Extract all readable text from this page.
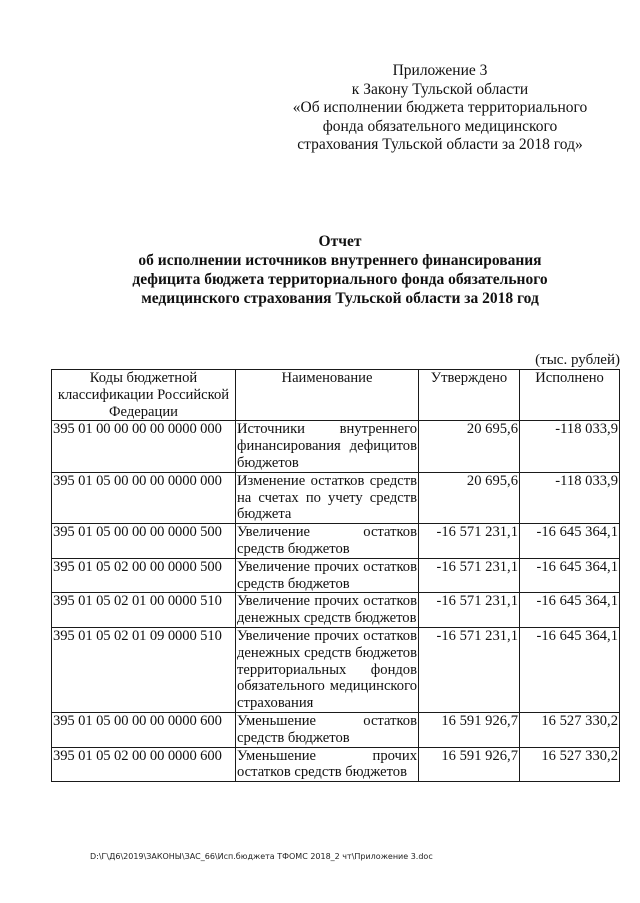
Приложение 3
к Закону Тульской области
«Об исполнении бюджета территориального
фонда обязательного медицинского
страхования Тульской области за 2018 год»
Отчет
об исполнении источников внутреннего финансирования
дефицита бюджета территориального фонда обязательного
медицинского страхования Тульской области за 2018 год
(тыс. рублей)
Коды бюджетной классификации Российской Федерации	Наименование	Утверждено	Исполнено
395 01 00 00 00 00 0000 000	Источники внутреннего финансирования дефицитов бюджетов	20 695,6	-118 033,9
395 01 05 00 00 00 0000 000	Изменение остатков средств на счетах по учету средств бюджета	20 695,6	-118 033,9
395 01 05 00 00 00 0000 500	Увеличение остатков средств бюджетов	-16 571 231,1	-16 645 364,1
395 01 05 02 00 00 0000 500	Увеличение прочих остатков средств бюджетов	-16 571 231,1	-16 645 364,1
395 01 05 02 01 00 0000 510	Увеличение прочих остатков денежных средств бюджетов	-16 571 231,1	-16 645 364,1
395 01 05 02 01 09 0000 510	Увеличение прочих остатков денежных средств бюджетов территориальных фондов обязательного медицинского страхования	-16 571 231,1	-16 645 364,1
395 01 05 00 00 00 0000 600	Уменьшение остатков средств бюджетов	16 591 926,7	16 527 330,2
395 01 05 02 00 00 0000 600	Уменьшение прочих остатков средств бюджетов	16 591 926,7	16 527 330,2
D:\Г\Д6\2019\ЗАКОНЫ\ЗАС_66\Исп.бюджета ТФОМС 2018_2 чт\Приложение 3.doc
